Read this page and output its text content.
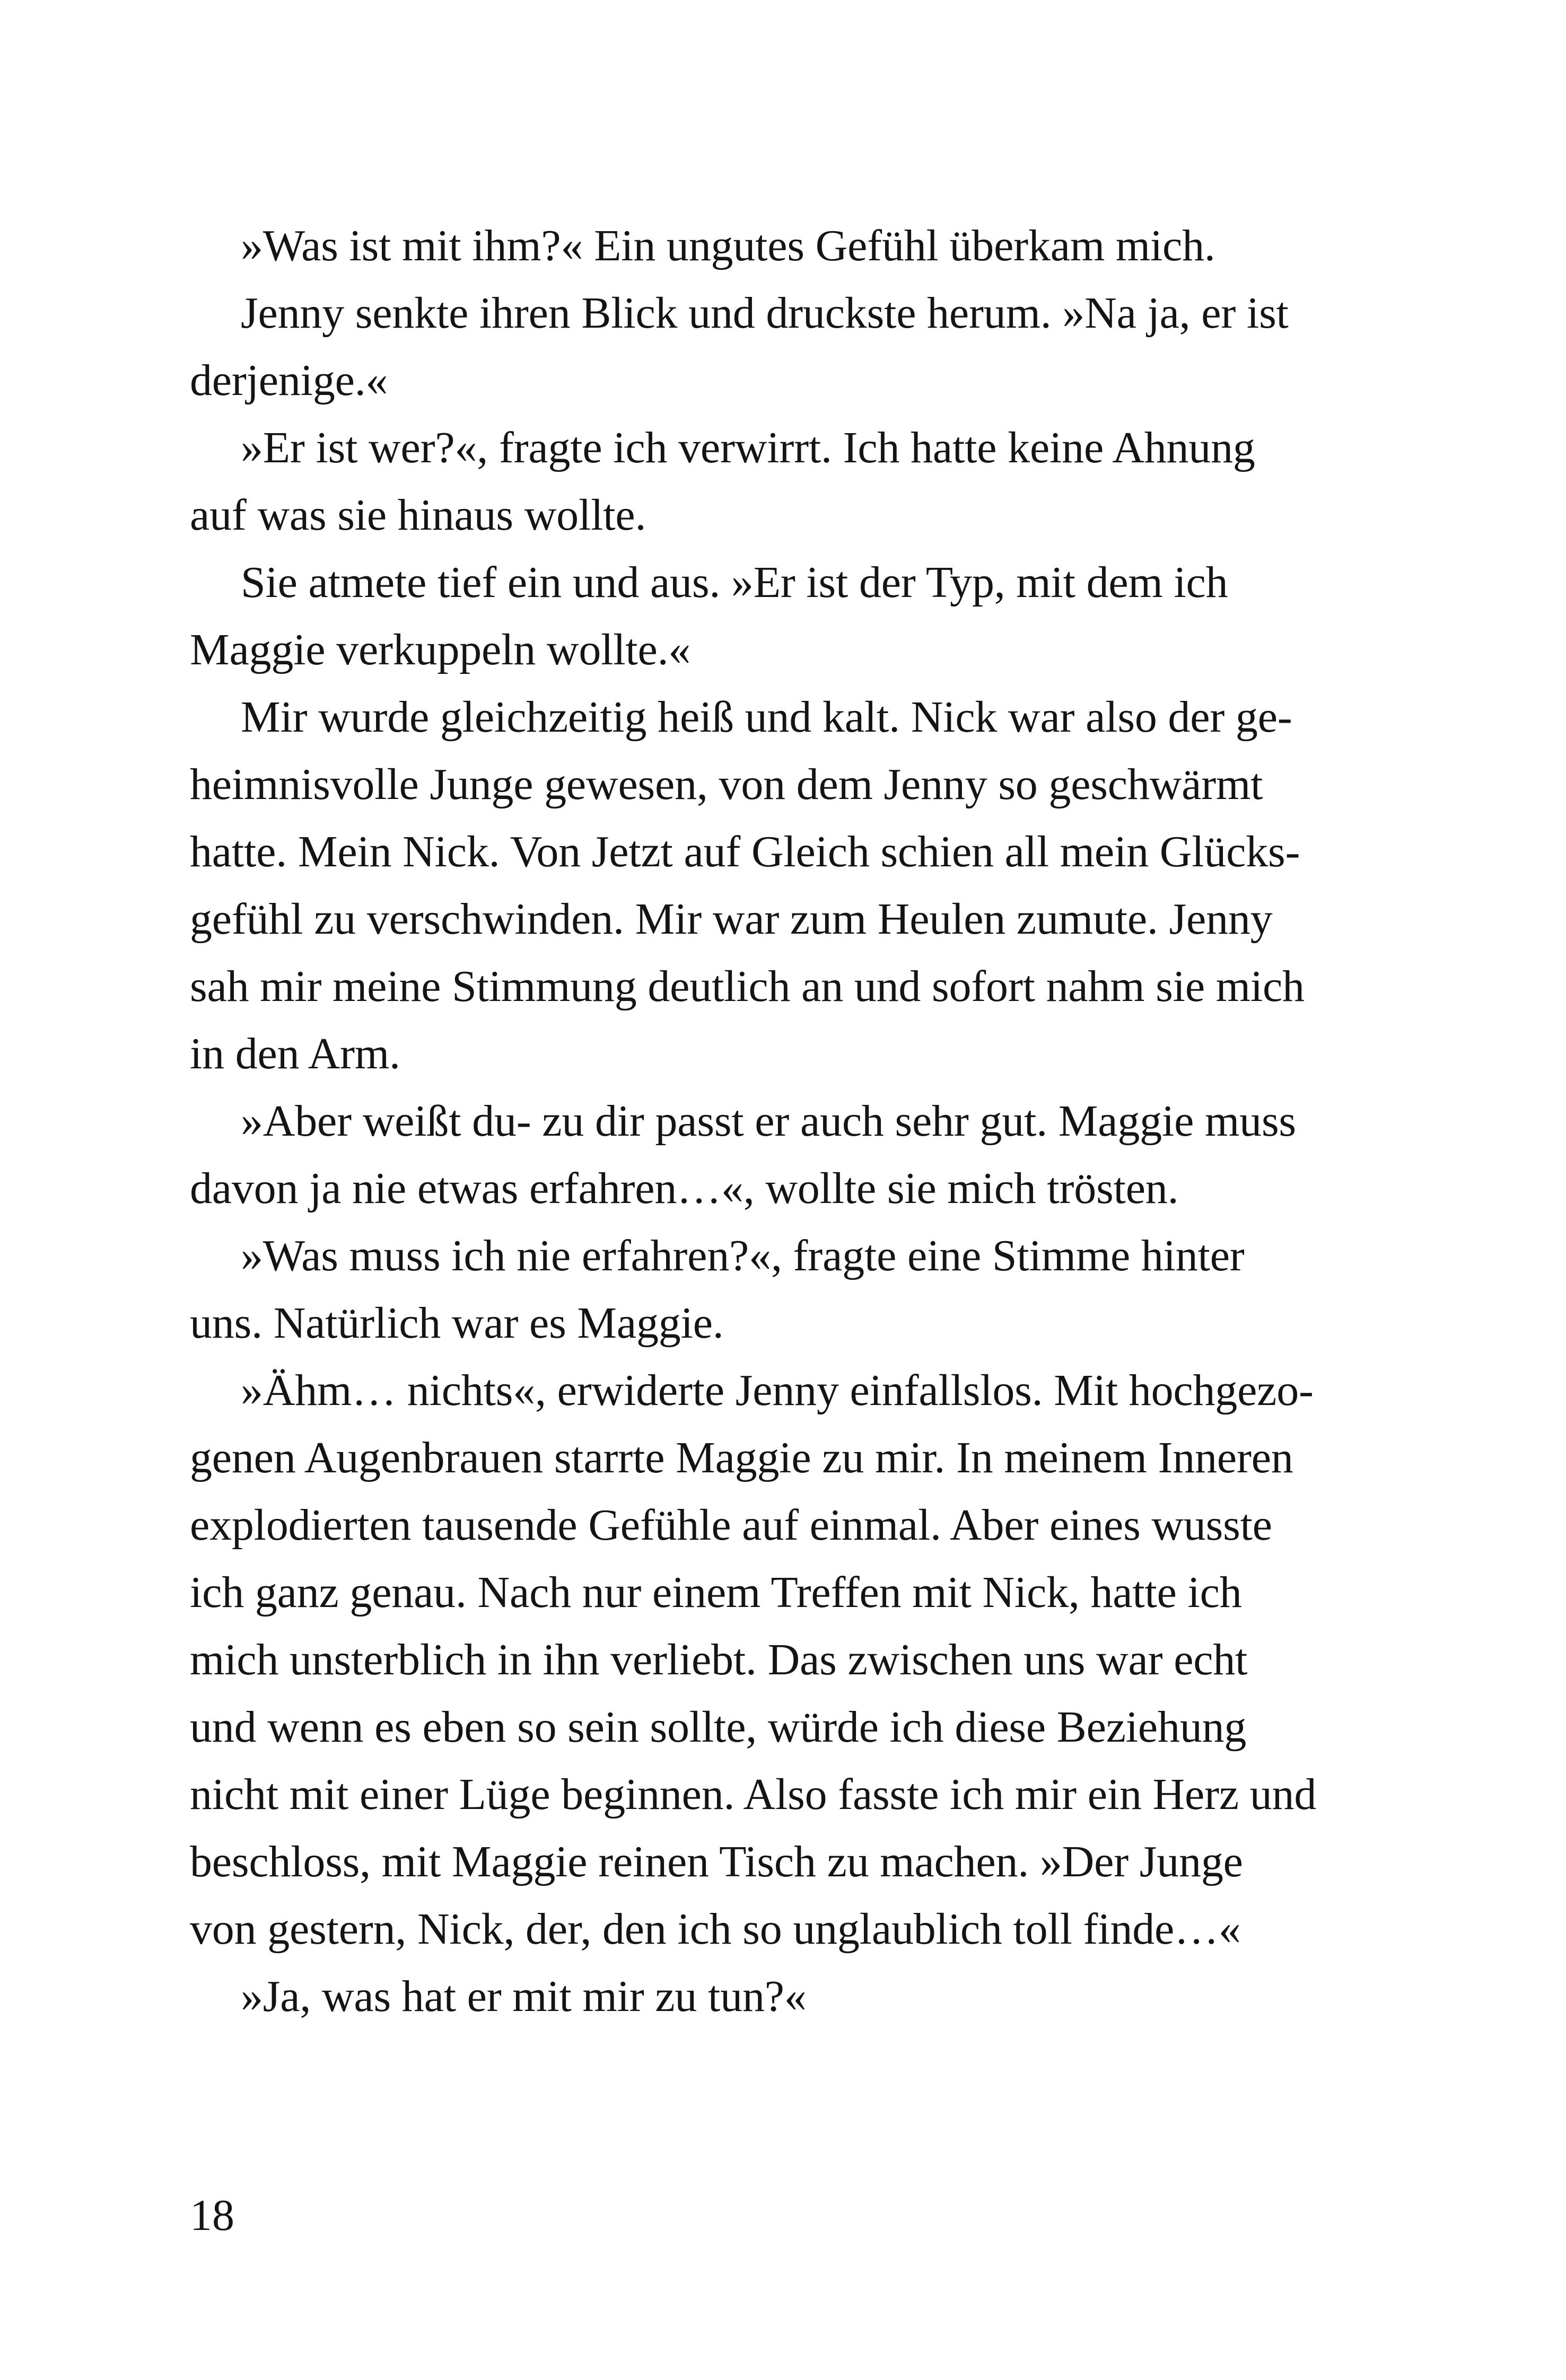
»Was ist mit ihm?« Ein ungutes Gefühl überkam mich.
Jenny senkte ihren Blick und druckste herum. »Na ja, er ist
derjenige.«
»Er ist wer?«, fragte ich verwirrt. Ich hatte keine Ahnung
auf was sie hinaus wollte.
Sie atmete tief ein und aus. »Er ist der Typ, mit dem ich
Maggie verkuppeln wollte.«
Mir wurde gleichzeitig heiß und kalt. Nick war also der ge-
heimnisvolle Junge gewesen, von dem Jenny so geschwärmt
hatte. Mein Nick. Von Jetzt auf Gleich schien all mein Glücks-
gefühl zu verschwinden. Mir war zum Heulen zumute. Jenny
sah mir meine Stimmung deutlich an und sofort nahm sie mich
in den Arm.
»Aber weißt du- zu dir passt er auch sehr gut. Maggie muss
davon ja nie etwas erfahren…«, wollte sie mich trösten.
»Was muss ich nie erfahren?«, fragte eine Stimme hinter
uns. Natürlich war es Maggie.
»Ähm… nichts«, erwiderte Jenny einfallslos. Mit hochgezo-
genen Augenbrauen starrte Maggie zu mir. In meinem Inneren
explodierten tausende Gefühle auf einmal. Aber eines wusste
ich ganz genau. Nach nur einem Treffen mit Nick, hatte ich
mich unsterblich in ihn verliebt. Das zwischen uns war echt
und wenn es eben so sein sollte, würde ich diese Beziehung
nicht mit einer Lüge beginnen. Also fasste ich mir ein Herz und
beschloss, mit Maggie reinen Tisch zu machen. »Der Junge
von gestern, Nick, der, den ich so unglaublich toll finde…«
»Ja, was hat er mit mir zu tun?«
18
